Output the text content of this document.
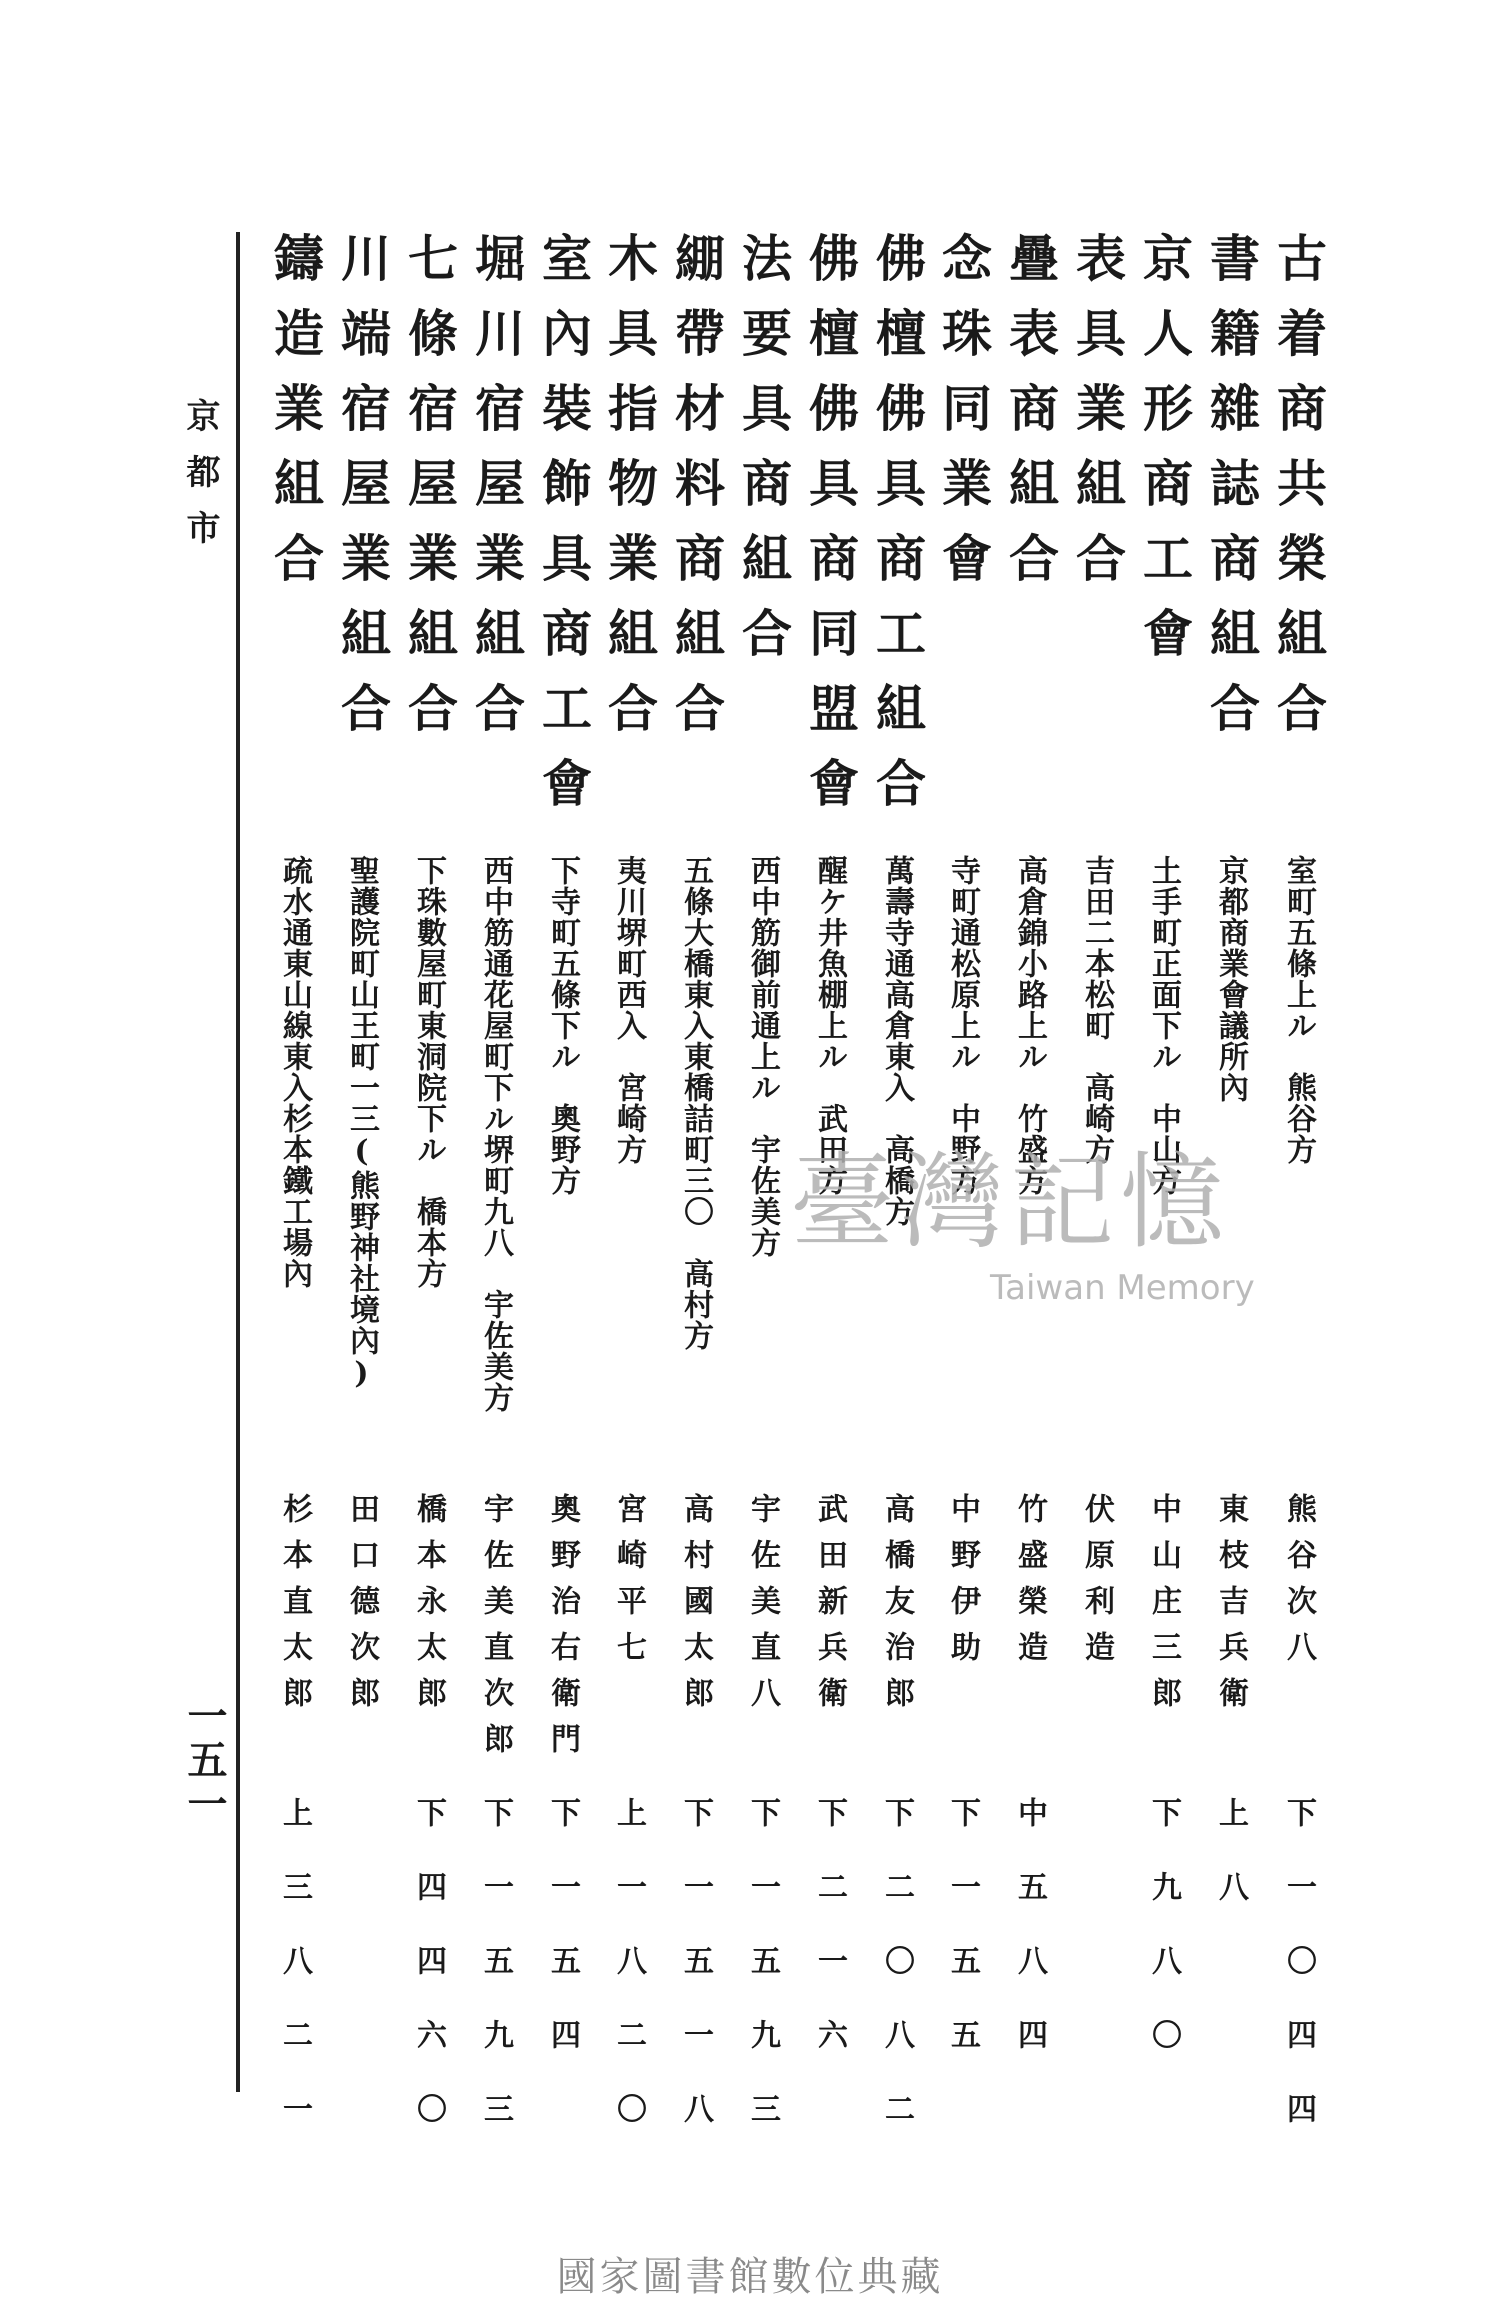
京都市
一五一
古着商共榮組合
室町五條上ル　熊谷方
熊谷次八
下一〇四四
書籍雜誌商組合
京都商業會議所內
東枝吉兵衛
上八
京人形商工會
土手町正面下ル　中山方
中山庄三郎
下九八〇
表具業組合
吉田二本松町　高崎方
伏原利造
疊表商組合
高倉錦小路上ル　竹盛方
竹盛榮造
中五八四
念珠同業會
寺町通松原上ル　中野方
中野伊助
下一五五
佛檀佛具商工組合
萬壽寺通高倉東入　高橋方
高橋友治郎
下二〇八二
佛檀佛具商同盟會
醒ケ井魚棚上ル　武田方
武田新兵衛
下二一六
法要具商組合
西中筋御前通上ル　宇佐美方
宇佐美直八
下一五九三
綳帶材料商組合
五條大橋東入東橋詰町三〇　高村方
高村國太郎
下一五一八
木具指物業組合
夷川堺町西入　宮崎方
宮崎平七
上一八二〇
室內裝飾具商工會
下寺町五條下ル　奧野方
奧野治右衛門
下一五四
堀川宿屋業組合
西中筋通花屋町下ル堺町九八　宇佐美方
宇佐美直次郎
下一五九三
七條宿屋業組合
下珠數屋町東洞院下ル　橋本方
橋本永太郎
下四四六〇
川端宿屋業組合
聖護院町山王町一三(熊野神社境內)
田口德次郎
鑄造業組合
疏水通東山線東入杉本鐵工場內
杉本直太郎
上三八二一
臺灣記憶
Taiwan Memory
國家圖書館數位典藏
